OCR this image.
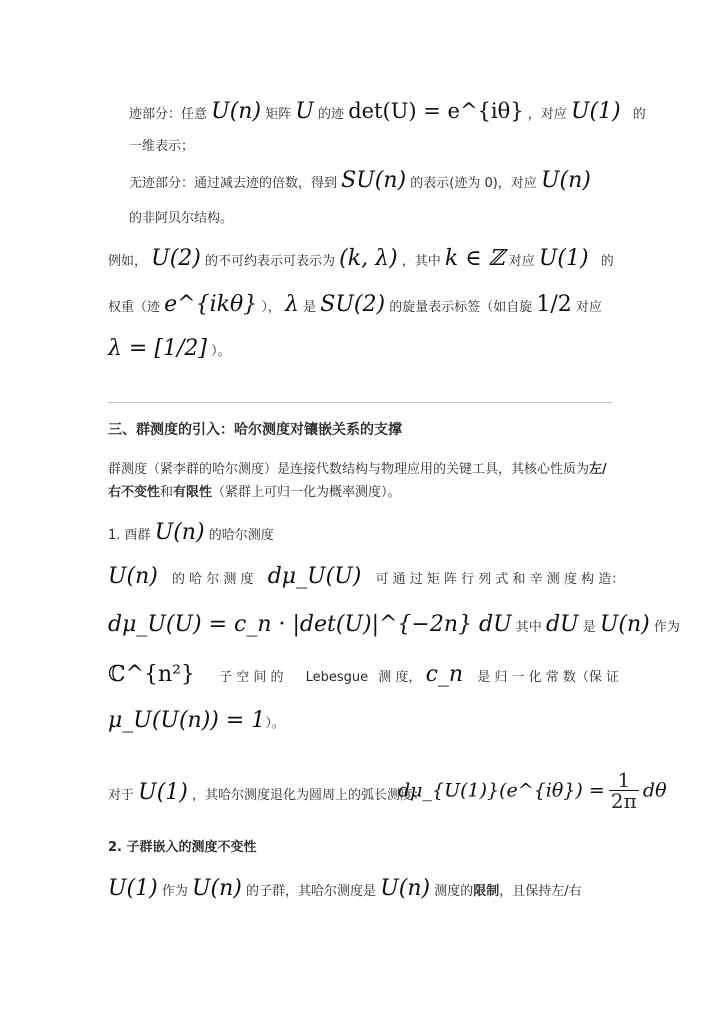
迹部分：任意 U(n) 矩阵 U 的迹 det(U) = e^{iθ} ，对应 U(1) 的
一维表示；
无迹部分：通过减去迹的倍数，得到 SU(n) 的表示(迹为 0)，对应 U(n)
的非阿贝尔结构。
例如， U(2) 的不可约表示可表示为 (k, λ) ，其中 k ∈ ℤ 对应 U(1) 的
权重（迹 e^{ikθ} ）， λ 是 SU(2) 的旋量表示标签（如自旋 1/2 对应
λ = [1/2] ）。
三、群测度的引入：哈尔测度对镶嵌关系的支撑
群测度（紧李群的哈尔测度）是连接代数结构与物理应用的关键工具，其核心性质为左/
右不变性和有限性（紧群上可归一化为概率测度）。
1. 酉群 U(n) 的哈尔测度
U(n) 的 哈 尔 测 度 dμ_U(U) 可 通 过 矩 阵 行 列 式 和 辛 测 度 构 造：
dμ_U(U) = c_n · |det(U)|^{−2n} dU 其中 dU 是 U(n) 作为
ℂ^{n²} 子 空 间 的 Lebesgue 测 度， c_n 是 归 一 化 常 数（保 证
μ_U(U(n)) = 1）。
对于 U(1) ，其哈尔测度退化为圆周上的弧长测度：
dμ_{U(1)}(e^{iθ}) = $\frac{1}{2\pi}$ dθ
2. 子群嵌入的测度不变性
U(1) 作为 U(n) 的子群，其哈尔测度是 U(n) 测度的限制，且保持左/右
